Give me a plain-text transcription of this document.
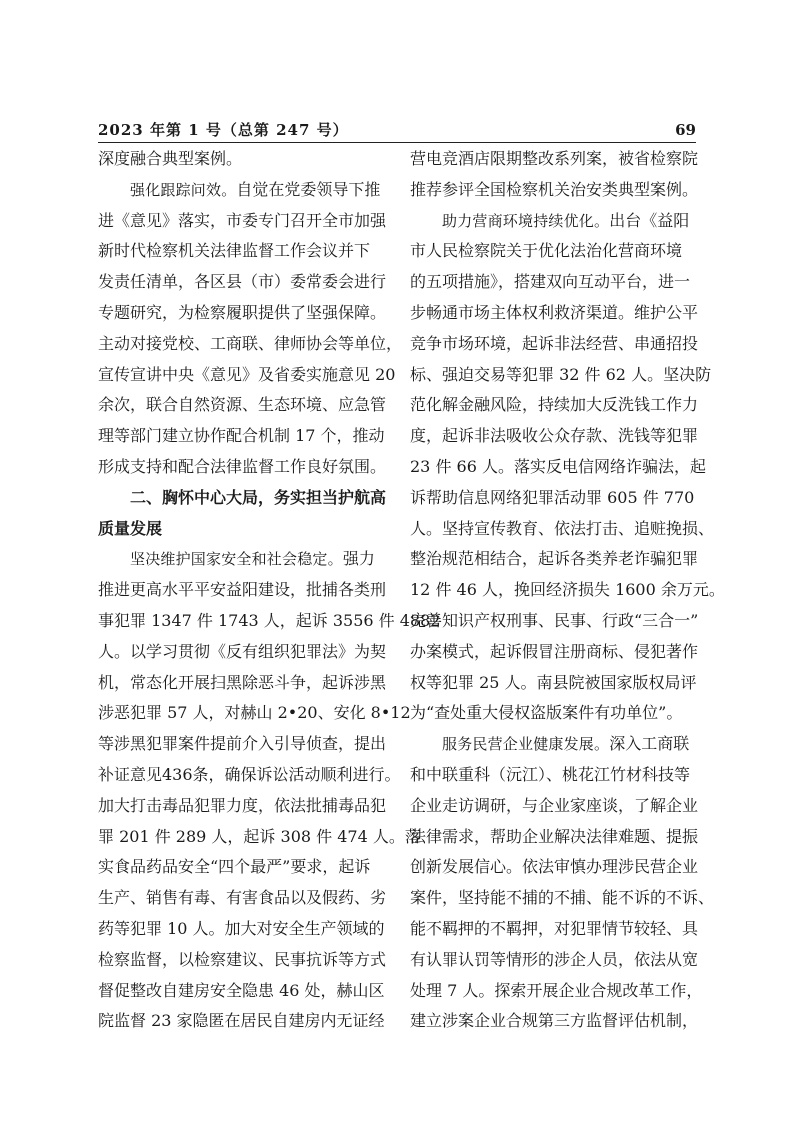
2023 年第 1 号（总第 247 号）	69
深度融合典型案例。
强化跟踪问效。自觉在党委领导下推
进《意见》落实，市委专门召开全市加强
新时代检察机关法律监督工作会议并下
发责任清单，各区县（市）委常委会进行
专题研究，为检察履职提供了坚强保障。
主动对接党校、工商联、律师协会等单位，
宣传宣讲中央《意见》及省委实施意见 20
余次，联合自然资源、生态环境、应急管
理等部门建立协作配合机制 17 个，推动
形成支持和配合法律监督工作良好氛围。
二、胸怀中心大局，务实担当护航高
质量发展
坚决维护国家安全和社会稳定。强力
推进更高水平平安益阳建设，批捕各类刑
事犯罪 1347 件 1743 人，起诉 3556 件 4882
人。以学习贯彻《反有组织犯罪法》为契
机，常态化开展扫黑除恶斗争，起诉涉黑
涉恶犯罪 57 人，对赫山 2•20、安化 8•12
等涉黑犯罪案件提前介入引导侦查，提出
补证意见436条，确保诉讼活动顺利进行。
加大打击毒品犯罪力度，依法批捕毒品犯
罪 201 件 289 人，起诉 308 件 474 人。落
实食品药品安全“四个最严”要求，起诉
生产、销售有毒、有害食品以及假药、劣
药等犯罪 10 人。加大对安全生产领域的
检察监督，以检察建议、民事抗诉等方式
督促整改自建房安全隐患 46 处，赫山区
院监督 23 家隐匿在居民自建房内无证经
营电竞酒店限期整改系列案，被省检察院
推荐参评全国检察机关治安类典型案例。
助力营商环境持续优化。出台《益阳
市人民检察院关于优化法治化营商环境
的五项措施》，搭建双向互动平台，进一
步畅通市场主体权利救济渠道。维护公平
竞争市场环境，起诉非法经营、串通招投
标、强迫交易等犯罪 32 件 62 人。坚决防
范化解金融风险，持续加大反洗钱工作力
度，起诉非法吸收公众存款、洗钱等犯罪
23 件 66 人。落实反电信网络诈骗法，起
诉帮助信息网络犯罪活动罪 605 件 770
人。坚持宣传教育、依法打击、追赃挽损、
整治规范相结合，起诉各类养老诈骗犯罪
12 件 46 人，挽回经济损失 1600 余万元。
完善知识产权刑事、民事、行政“三合一”
办案模式，起诉假冒注册商标、侵犯著作
权等犯罪 25 人。南县院被国家版权局评
为“查处重大侵权盗版案件有功单位”。
服务民营企业健康发展。深入工商联
和中联重科（沅江）、桃花江竹材科技等
企业走访调研，与企业家座谈，了解企业
法律需求，帮助企业解决法律难题、提振
创新发展信心。依法审慎办理涉民营企业
案件，坚持能不捕的不捕、能不诉的不诉、
能不羁押的不羁押，对犯罪情节较轻、具
有认罪认罚等情形的涉企人员，依法从宽
处理 7 人。探索开展企业合规改革工作，
建立涉案企业合规第三方监督评估机制，
